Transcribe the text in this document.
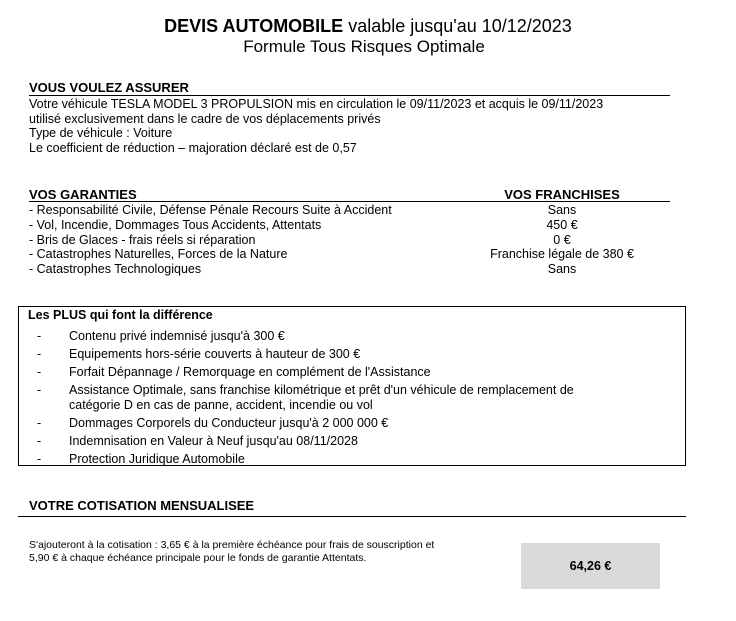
DEVIS AUTOMOBILE valable jusqu'au 10/12/2023
Formule Tous Risques Optimale
VOUS VOULEZ ASSURER
Votre véhicule TESLA MODEL 3 PROPULSION mis en circulation le 09/11/2023 et acquis le 09/11/2023
utilisé exclusivement dans le cadre de vos déplacements privés
Type de véhicule : Voiture
Le coefficient de réduction – majoration déclaré est de 0,57
VOS GARANTIES	VOS FRANCHISES
- Responsabilité Civile, Défense Pénale Recours Suite à Accident	Sans
- Vol, Incendie, Dommages Tous Accidents, Attentats	450 €
- Bris de Glaces - frais réels si réparation	0 €
- Catastrophes Naturelles, Forces de la Nature	Franchise légale de 380 €
- Catastrophes Technologiques	Sans
Les PLUS qui font la différence
- Contenu privé indemnisé jusqu'à 300 €
- Equipements hors-série couverts à hauteur de 300 €
- Forfait Dépannage / Remorquage en complément de l'Assistance
- Assistance Optimale, sans franchise kilométrique et prêt d'un véhicule de remplacement de
catégorie D en cas de panne, accident, incendie ou vol
- Dommages Corporels du Conducteur jusqu'à 2 000 000 €
- Indemnisation en Valeur à Neuf jusqu'au 08/11/2028
- Protection Juridique Automobile
VOTRE COTISATION MENSUALISEE
S'ajouteront à la cotisation : 3,65 € à la première échéance pour frais de souscription et
5,90 € à chaque échéance principale pour le fonds de garantie Attentats.
64,26 €
